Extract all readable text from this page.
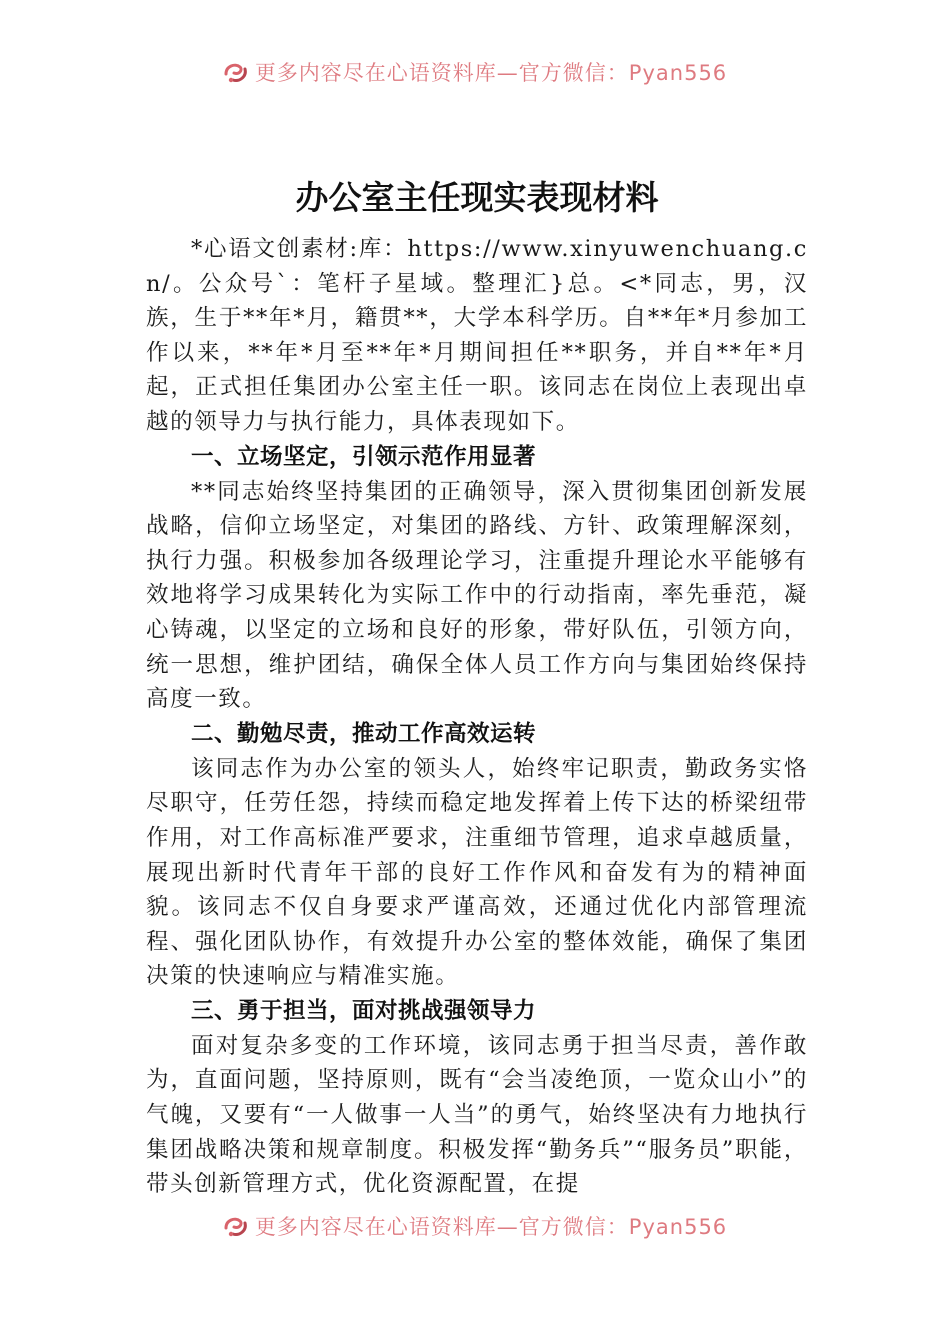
更多内容尽在心语资料库—官方微信：Pyan556
办公室主任现实表现材料

*心语文创素材:库：https://www.xinyuwenchuang.cn/。公众号`：笔杆子星域。整理汇}总。<*同志，男，汉族，生于**年*月，籍贯**，大学本科学历。自**年*月参加工作以来，**年*月至**年*月期间担任**职务，并自**年*月起，正式担任集团办公室主任一职。该同志在岗位上表现出卓越的领导力与执行能力，具体表现如下。

一、立场坚定，引领示范作用显著

**同志始终坚持集团的正确领导，深入贯彻集团创新发展战略，信仰立场坚定，对集团的路线、方针、政策理解深刻，执行力强。积极参加各级理论学习，注重提升理论水平能够有效地将学习成果转化为实际工作中的行动指南，率先垂范，凝心铸魂，以坚定的立场和良好的形象，带好队伍，引领方向，统一思想，维护团结，确保全体人员工作方向与集团始终保持高度一致。

二、勤勉尽责，推动工作高效运转

该同志作为办公室的领头人，始终牢记职责，勤政务实恪尽职守，任劳任怨，持续而稳定地发挥着上传下达的桥梁纽带作用，对工作高标准严要求，注重细节管理，追求卓越质量，展现出新时代青年干部的良好工作作风和奋发有为的精神面貌。该同志不仅自身要求严谨高效，还通过优化内部管理流程、强化团队协作，有效提升办公室的整体效能，确保了集团决策的快速响应与精准实施。

三、勇于担当，面对挑战强领导力

面对复杂多变的工作环境，该同志勇于担当尽责，善作敢为，直面问题，坚持原则，既有“会当凌绝顶，一览众山小”的气魄，又要有“一人做事一人当”的勇气，始终坚决有力地执行集团战略决策和规章制度。积极发挥“勤务兵”“服务员”职能，带头创新管理方式，优化资源配置，在提

更多内容尽在心语资料库—官方微信：Pyan556
